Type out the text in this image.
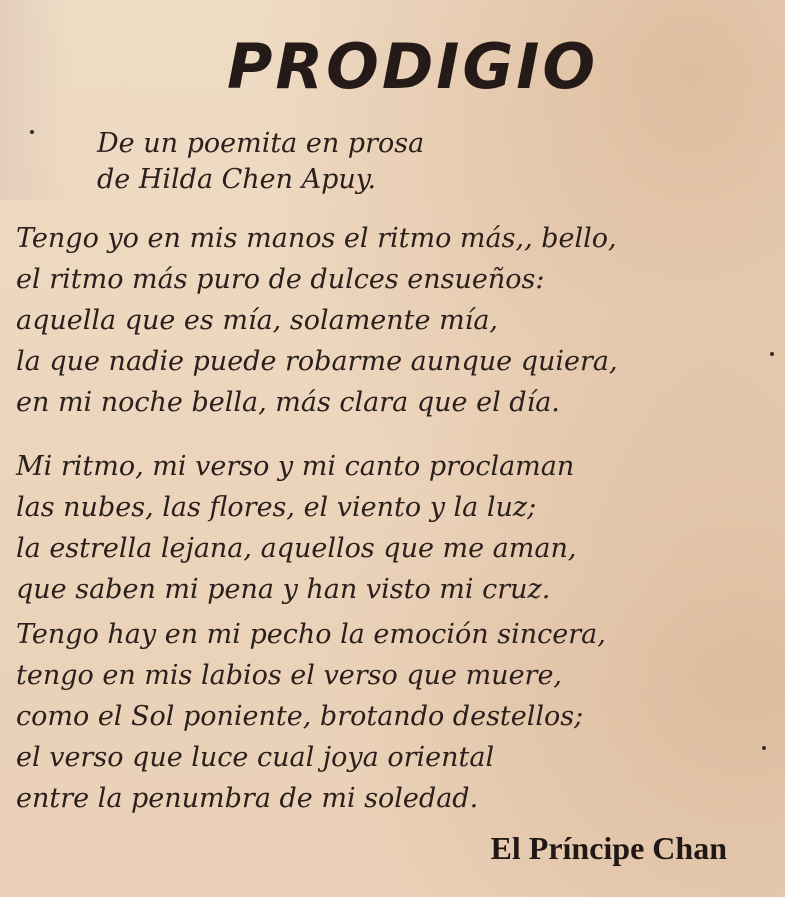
PRODIGIO
De un poemita en prosa
de Hilda Chen Apuy.
Tengo yo en mis manos el ritmo más,, bello,
el ritmo más puro de dulces ensueños:
aquella que es mía, solamente mía,
la que nadie puede robarme aunque quiera,
en mi noche bella, más clara que el día.
Mi ritmo, mi verso y mi canto proclaman
las nubes, las flores, el viento y la luz;
la estrella lejana, aquellos que me aman,
que saben mi pena y han visto mi cruz.
Tengo hay en mi pecho la emoción sincera,
tengo en mis labios el verso que muere,
como el Sol poniente, brotando destellos;
el verso que luce cual joya oriental
entre la penumbra de mi soledad.
El Príncipe Chan
